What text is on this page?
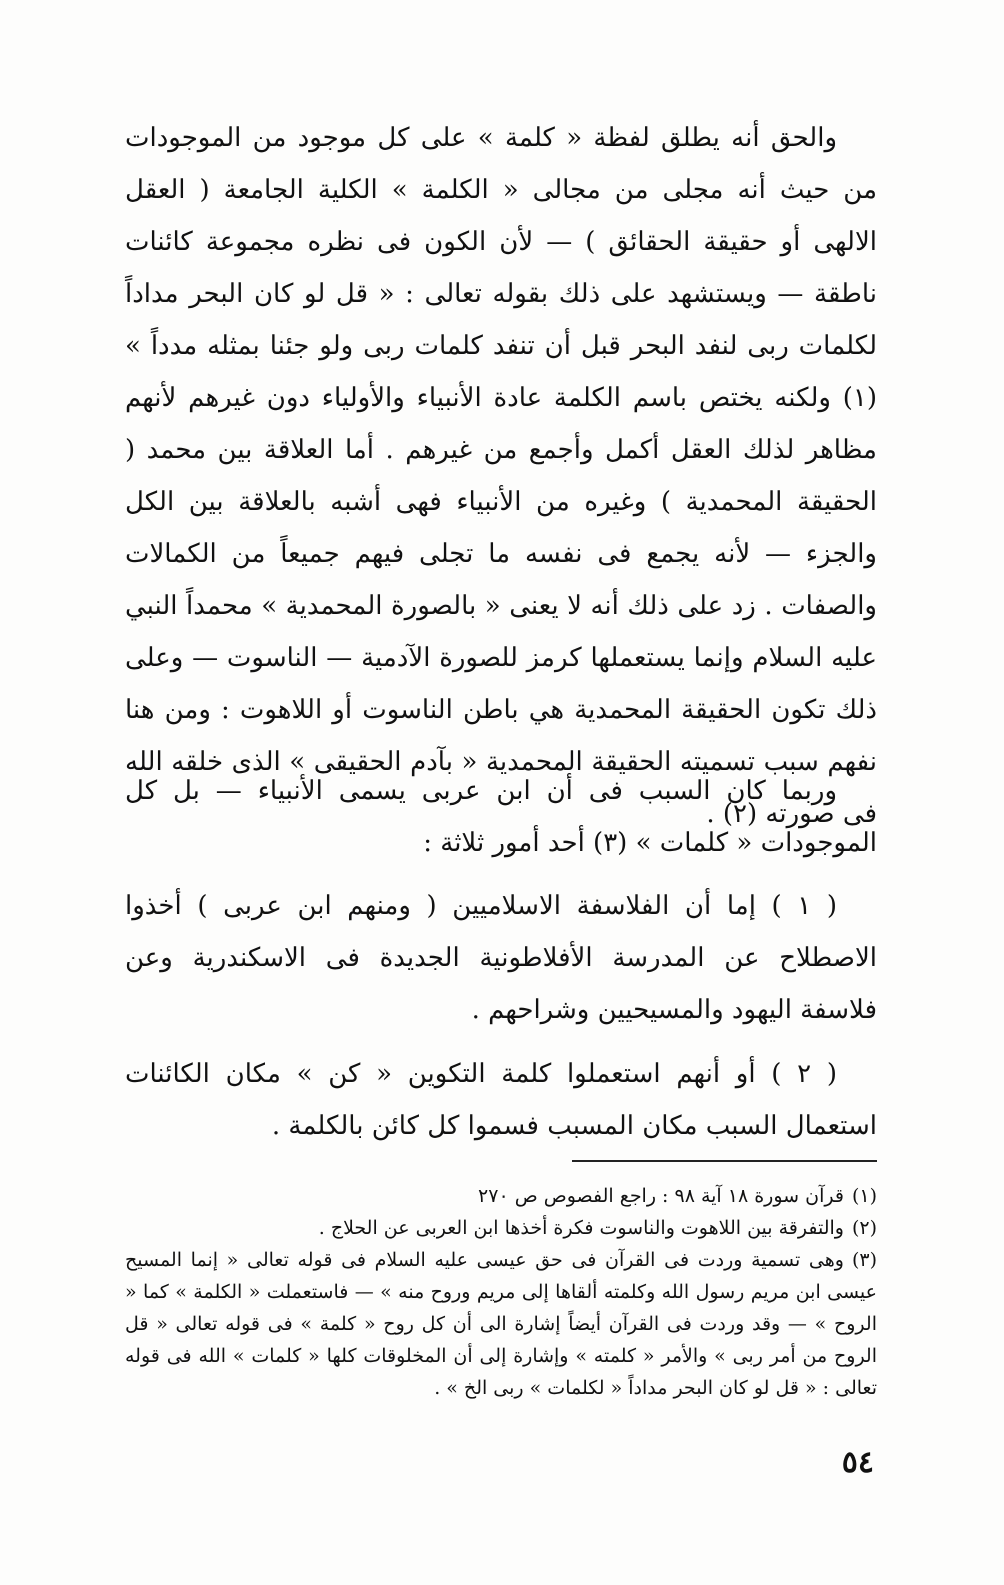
والحق أنه يطلق لفظة « كلمة » على كل موجود من الموجودات من حيث أنه مجلى من مجالى « الكلمة » الكلية الجامعة ( العقل الالهى أو حقيقة الحقائق ) — لأن الكون فى نظره مجموعة كائنات ناطقة — ويستشهد على ذلك بقوله تعالى : « قل لو كان البحر مداداً لكلمات ربى لنفد البحر قبل أن تنفد كلمات ربى ولو جئنا بمثله مدداً » (١) ولكنه يختص باسم الكلمة عادة الأنبياء والأولياء دون غيرهم لأنهم مظاهر لذلك العقل أكمل وأجمع من غيرهم . أما العلاقة بين محمد ( الحقيقة المحمدية ) وغيره من الأنبياء فهى أشبه بالعلاقة بين الكل والجزء — لأنه يجمع فى نفسه ما تجلى فيهم جميعاً من الكمالات والصفات . زد على ذلك أنه لا يعنى « بالصورة المحمدية » محمداً النبي عليه السلام وإنما يستعملها كرمز للصورة الآدمية — الناسوت — وعلى ذلك تكون الحقيقة المحمدية هي باطن الناسوت أو اللاهوت : ومن هنا نفهم سبب تسميته الحقيقة المحمدية « بآدم الحقيقى » الذى خلقه الله فى صورته (٢) .

وربما كان السبب فى أن ابن عربى يسمى الأنبياء — بل كل الموجودات « كلمات » (٣) أحد أمور ثلاثة :

( ١ ) إما أن الفلاسفة الاسلاميين ( ومنهم ابن عربى ) أخذوا الاصطلاح عن المدرسة الأفلاطونية الجديدة فى الاسكندرية وعن فلاسفة اليهود والمسيحيين وشراحهم .

( ٢ ) أو أنهم استعملوا كلمة التكوين « كن » مكان الكائنات استعمال السبب مكان المسبب فسموا كل كائن بالكلمة .

(١)قرآن سورة ١٨ آية ٩٨ : راجع الفصوص ص ٢٧٠

(٢)والتفرقة بين اللاهوت والناسوت فكرة أخذها ابن العربى عن الحلاج .

(٣)وهى تسمية وردت فى القرآن فى حق عيسى عليه السلام فى قوله تعالى « إنما المسيح عيسى ابن مريم رسول الله وكلمته ألقاها إلى مريم وروح منه » — فاستعملت « الكلمة » كما « الروح » — وقد وردت فى القرآن أيضاً إشارة الى أن كل روح « كلمة » فى قوله تعالى « قل الروح من أمر ربى » والأمر « كلمته » وإشارة إلى أن المخلوقات كلها « كلمات » الله فى قوله تعالى : « قل لو كان البحر مداداً « لكلمات » ربى الخ » .

٥٤
